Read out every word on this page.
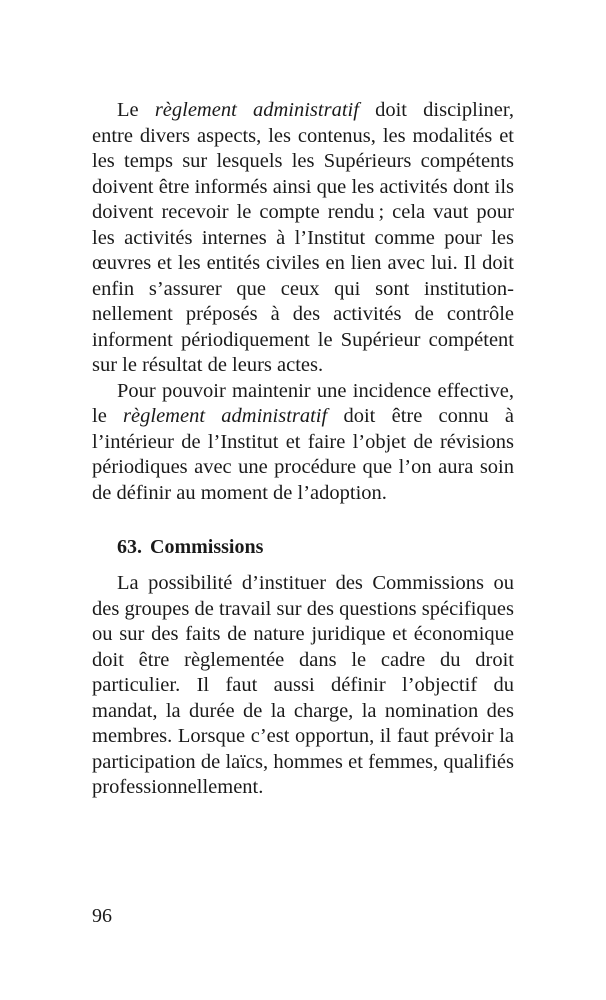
Le règlement administratif doit discipliner, entre divers aspects, les contenus, les modalités et les temps sur lesquels les Supérieurs compétents doivent être informés ainsi que les activités dont ils doivent recevoir le compte rendu ; cela vaut pour les activités internes à l’Institut comme pour les œuvres et les entités civiles en lien avec lui. Il doit enfin s’assurer que ceux qui sont institutionnellement préposés à des activités de contrôle informent périodiquement le Supérieur compétent sur le résultat de leurs actes.

Pour pouvoir maintenir une incidence effective, le règlement administratif doit être connu à l’intérieur de l’Institut et faire l’objet de révisions périodiques avec une procédure que l’on aura soin de définir au moment de l’adoption.

63. Commissions

La possibilité d’instituer des Commissions ou des groupes de travail sur des questions spécifiques ou sur des faits de nature juridique et économique doit être règlementée dans le cadre du droit particulier. Il faut aussi définir l’objectif du mandat, la durée de la charge, la nomination des membres. Lorsque c’est opportun, il faut prévoir la participation de laïcs, hommes et femmes, qualifiés professionnellement.

96
